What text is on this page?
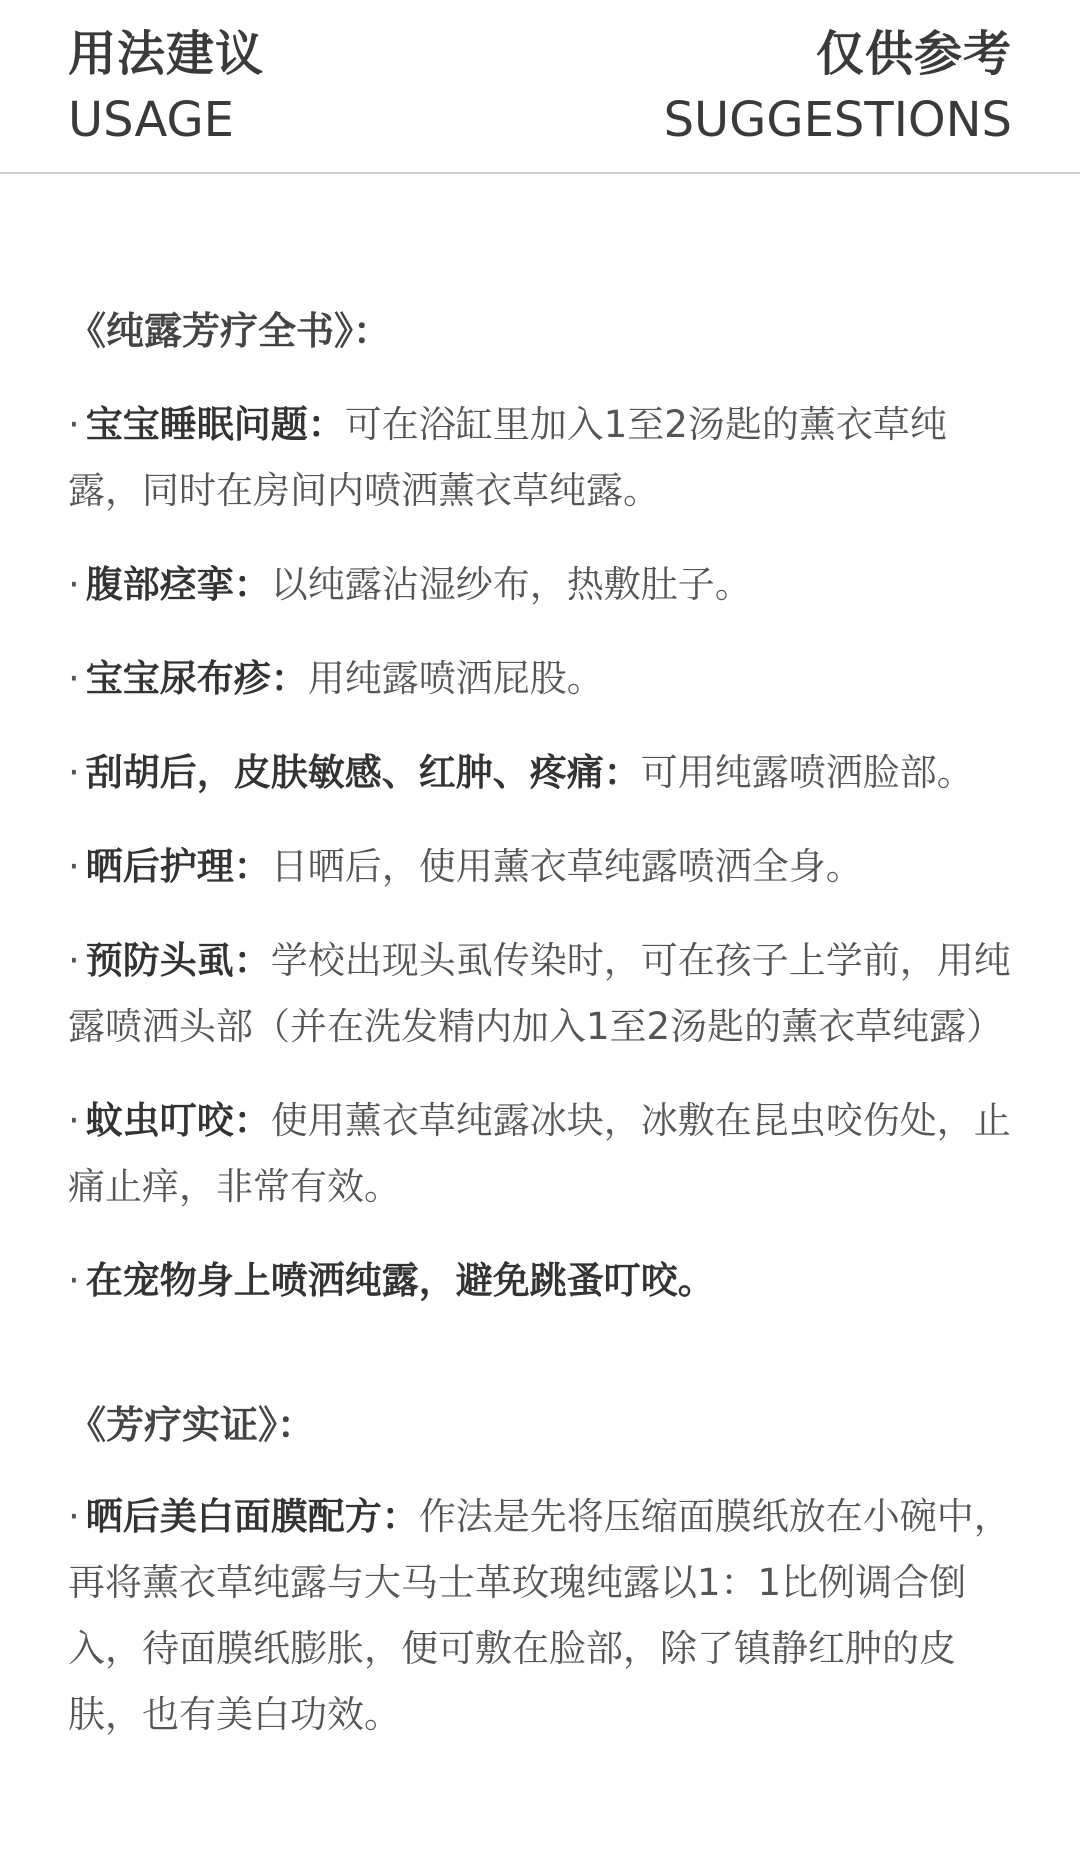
用法建议
USAGE
仅供参考
SUGGESTIONS
《纯露芳疗全书》：
· 宝宝睡眠问题：可在浴缸里加入1至2汤匙的薰衣草纯露，同时在房间内喷洒薰衣草纯露。
· 腹部痉挛：以纯露沾湿纱布，热敷肚子。
· 宝宝尿布疹：用纯露喷洒屁股。
· 刮胡后，皮肤敏感、红肿、疼痛：可用纯露喷洒脸部。
· 晒后护理：日晒后，使用薰衣草纯露喷洒全身。
· 预防头虱：学校出现头虱传染时，可在孩子上学前，用纯露喷洒头部（并在洗发精内加入1至2汤匙的薰衣草纯露）
· 蚊虫叮咬：使用薰衣草纯露冰块，冰敷在昆虫咬伤处，止痛止痒，非常有效。
· 在宠物身上喷洒纯露，避免跳蚤叮咬。
《芳疗实证》：
· 晒后美白面膜配方：作法是先将压缩面膜纸放在小碗中，再将薰衣草纯露与大马士革玫瑰纯露以1：1比例调合倒入，待面膜纸膨胀，便可敷在脸部，除了镇静红肿的皮肤，也有美白功效。
